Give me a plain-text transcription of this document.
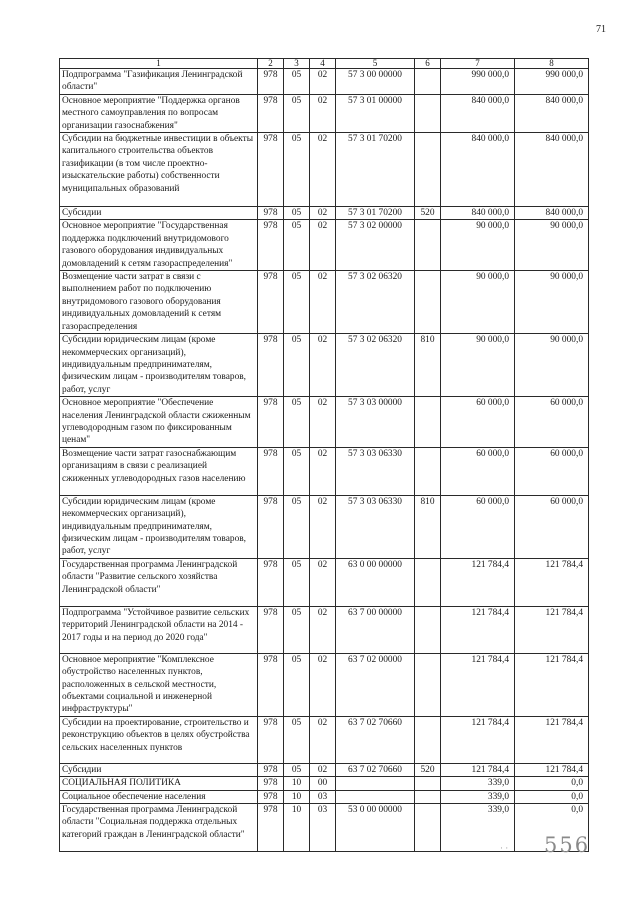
71
1	2	3	4	5	6	7	8
Подпрограмма "Газификация Ленинградской области"	978	05	02	57 3 00 00000		990 000,0	990 000,0
Основное мероприятие "Поддержка органов местного самоуправления по вопросам организации газоснабжения"	978	05	02	57 3 01 00000		840 000,0	840 000,0
Субсидии на бюджетные инвестиции в объекты капитального строительства объектов газификации (в том числе проектно-изыскательские работы) собственности муниципальных образований	978	05	02	57 3 01 70200		840 000,0	840 000,0
Субсидии	978	05	02	57 3 01 70200	520	840 000,0	840 000,0
Основное мероприятие "Государственная поддержка подключений внутридомового газового оборудования индивидуальных домовладений к сетям газораспределения"	978	05	02	57 3 02 00000		90 000,0	90 000,0
Возмещение части затрат в связи с выполнением работ по подключению внутридомового газового оборудования индивидуальных домовладений к сетям газораспределения	978	05	02	57 3 02 06320		90 000,0	90 000,0
Субсидии юридическим лицам (кроме некоммерческих организаций), индивидуальным предпринимателям, физическим лицам - производителям товаров, работ, услуг	978	05	02	57 3 02 06320	810	90 000,0	90 000,0
Основное мероприятие "Обеспечение населения Ленинградской области сжиженным углеводородным газом по фиксированным ценам"	978	05	02	57 3 03 00000		60 000,0	60 000,0
Возмещение части затрат газоснабжающим организациям в связи с реализацией сжиженных углеводородных газов населению	978	05	02	57 3 03 06330		60 000,0	60 000,0
Субсидии юридическим лицам (кроме некоммерческих организаций), индивидуальным предпринимателям, физическим лицам - производителям товаров, работ, услуг	978	05	02	57 3 03 06330	810	60 000,0	60 000,0
Государственная программа Ленинградской области "Развитие сельского хозяйства Ленинградской области"	978	05	02	63 0 00 00000		121 784,4	121 784,4
Подпрограмма "Устойчивое развитие сельских территорий Ленинградской области на 2014 - 2017 годы и на период до 2020 года"	978	05	02	63 7 00 00000		121 784,4	121 784,4
Основное мероприятие "Комплексное обустройство населенных пунктов, расположенных в сельской местности, объектами социальной и инженерной инфраструктуры"	978	05	02	63 7 02 00000		121 784,4	121 784,4
Субсидии на проектирование, строительство и реконструкцию объектов в целях обустройства сельских населенных пунктов	978	05	02	63 7 02 70660		121 784,4	121 784,4
Субсидии	978	05	02	63 7 02 70660	520	121 784,4	121 784,4
СОЦИАЛЬНАЯ ПОЛИТИКА	978	10	00			339,0	0,0
Социальное обеспечение населения	978	10	03			339,0	0,0
Государственная программа Ленинградской области "Социальная поддержка отдельных категорий граждан в Ленинградской области"	978	10	03	53 0 00 00000		339,0	0,0
· · 556
